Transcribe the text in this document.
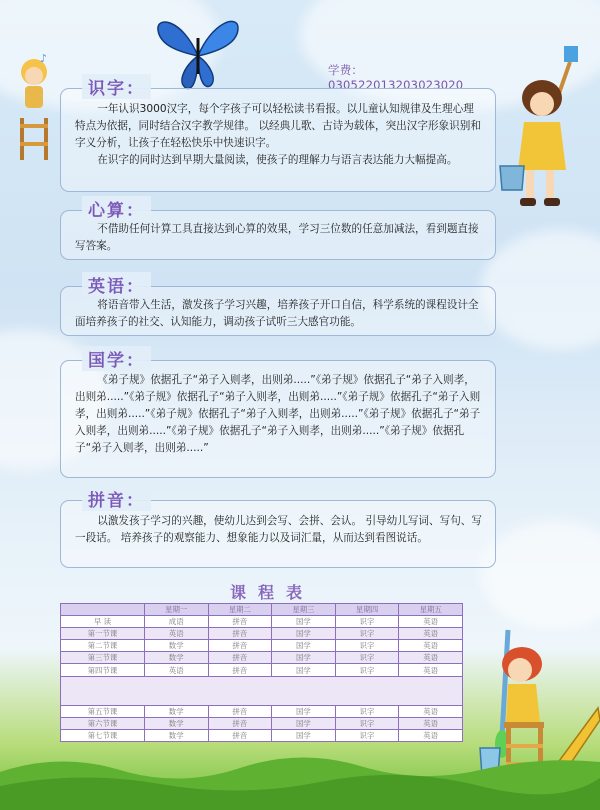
♪
学费：030522013203023020
识字：

一年认识3000汉字，每个字孩子可以轻松读书看报。以儿童认知规律及生理心理特点为依据，同时结合汉字教学规律。 以经典儿歌、古诗为载体，突出汉字形象识别和字义分析，让孩子在轻松快乐中快速识字。

在识字的同时达到早期大量阅读，使孩子的理解力与语言表达能力大幅提高。

心算：

不借助任何计算工具直接达到心算的效果，学习三位数的任意加减法，看到题直接写答案。

英语：

将语音带入生活，激发孩子学习兴趣，培养孩子开口自信，科学系统的课程设计全面培养孩子的社交、认知能力，调动孩子试听三大感官功能。

国学：

《弟子规》依据孔子“弟子入则孝，出则弟.....”《弟子规》依据孔子“弟子入则孝，出则弟.....”《弟子规》依据孔子“弟子入则孝，出则弟.....”《弟子规》依据孔子“弟子入则孝，出则弟.....”《弟子规》依据孔子“弟子入则孝，出则弟.....”《弟子规》依据孔子“弟子入则孝，出则弟.....”《弟子规》依据孔子“弟子入则孝，出则弟.....”《弟子规》依据孔子“弟子入则孝，出则弟.....”

拼音：

以激发孩子学习的兴趣，使幼儿达到会写、会拼、会认。 引导幼儿写词、写句、写一段话。 培养孩子的观察能力、想象能力以及词汇量，从而达到看图说话。

课程表
	星期一	星期二	星期三	星期四	星期五
早 读	成语	拼音	国学	识字	英语
第一节课	英语	拼音	国学	识字	英语
第二节课	数学	拼音	国学	识字	英语
第三节课	数学	拼音	国学	识字	英语
第四节课	英语	拼音	国学	识字	英语

第五节课	数学	拼音	国学	识字	英语
第六节课	数学	拼音	国学	识字	英语
第七节课	数学	拼音	国学	识字	英语
